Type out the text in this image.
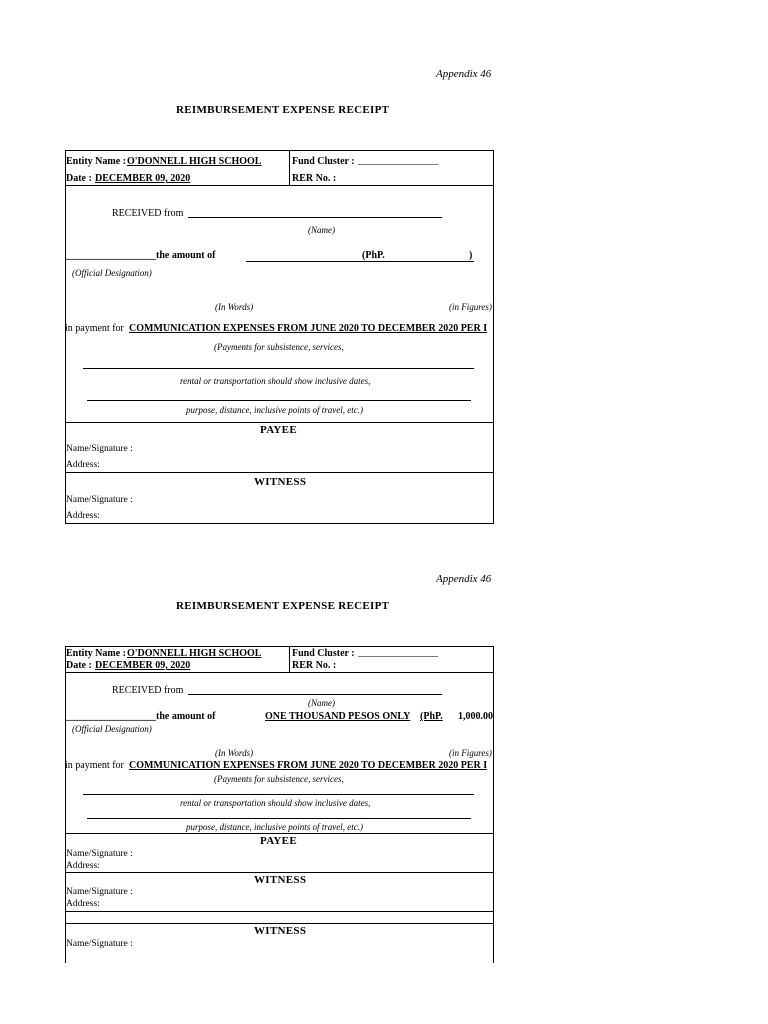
Appendix 46
REIMBURSEMENT EXPENSE RECEIPT
Entity Name : O'DONNELL HIGH SCHOOL	Fund Cluster : ________________
Date : DECEMBER 09, 2020	RER No. :
RECEIVED from
(Name)
__________________the amount of	(PhP.	)
(Official Designation)
(In Words)	(in Figures)
in payment for COMMUNICATION EXPENSES FROM JUNE 2020 TO DECEMBER 2020 PER I
(Payments for subsistence, services,
rental or transportation should show inclusive dates,
purpose, distance, inclusive points of travel, etc.)
PAYEE
Name/Signature :
Address:
WITNESS
Name/Signature :
Address:
Appendix 46
REIMBURSEMENT EXPENSE RECEIPT
Entity Name : O'DONNELL HIGH SCHOOL	Fund Cluster : ________________
Date : DECEMBER 09, 2020	RER No. :
RECEIVED from
(Name)
__________________the amount of	ONE THOUSAND PESOS ONLY (PhP. 1,000.00
(Official Designation)
(In Words)	(in Figures)
in payment for COMMUNICATION EXPENSES FROM JUNE 2020 TO DECEMBER 2020 PER I
(Payments for subsistence, services,
rental or transportation should show inclusive dates,
purpose, distance, inclusive points of travel, etc.)
PAYEE
Name/Signature :
Address:
WITNESS
Name/Signature :
Address:
WITNESS
Name/Signature :
